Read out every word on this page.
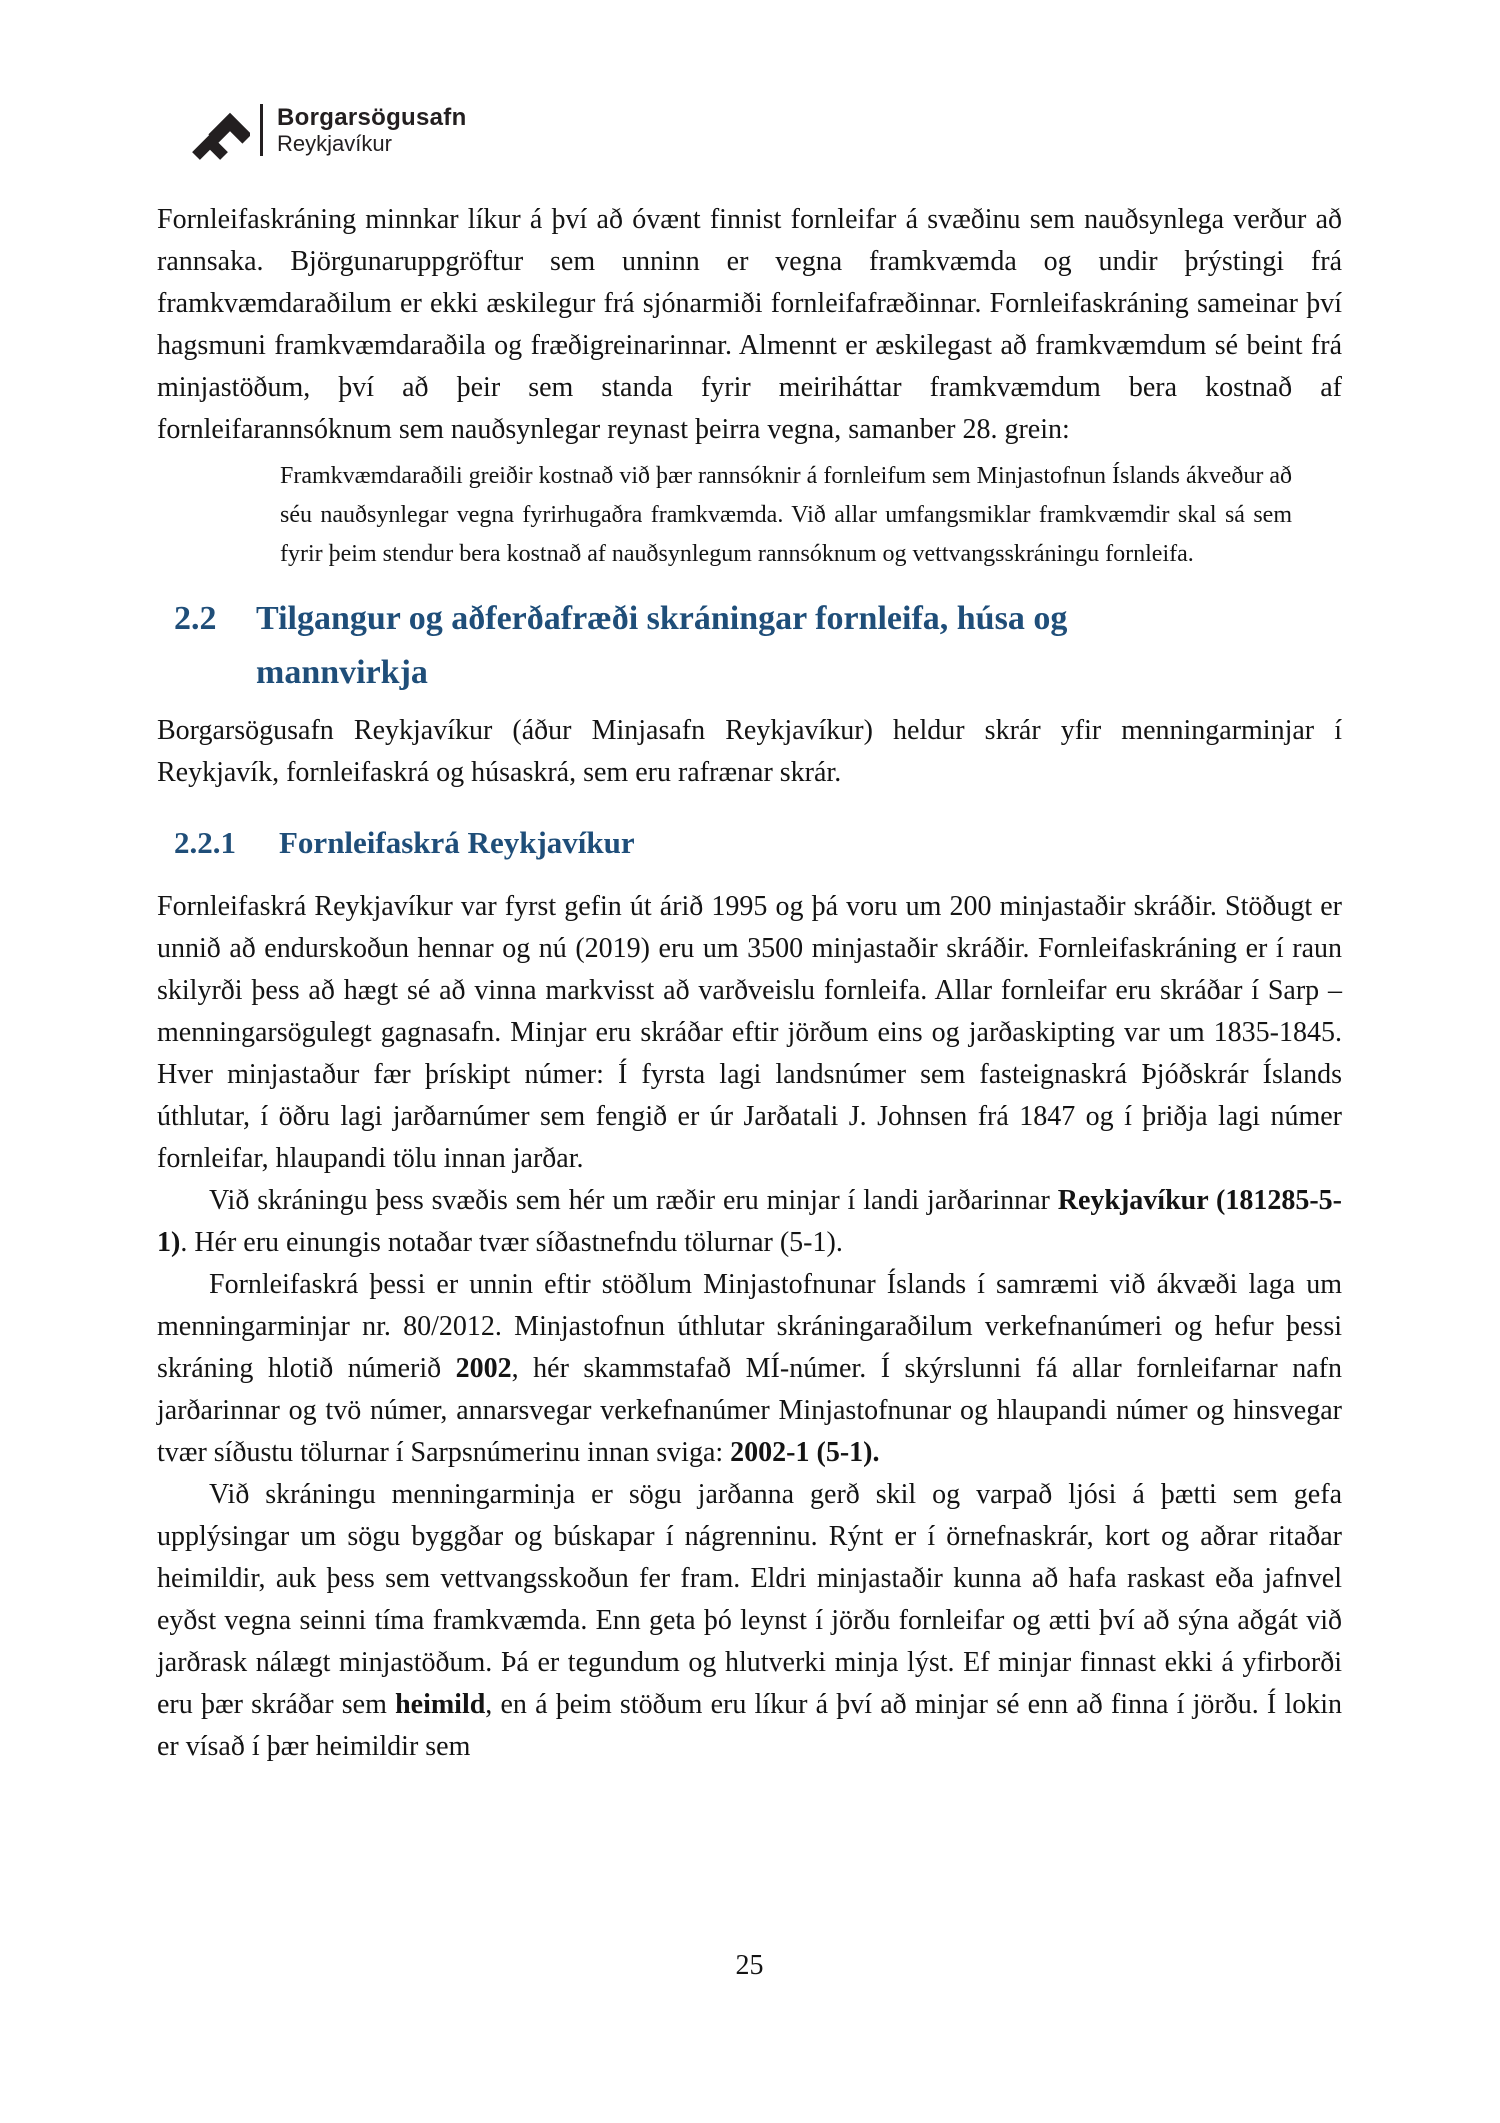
Borgarsögusafn
Reykjavíkur

Fornleifaskráning minnkar líkur á því að óvænt finnist fornleifar á svæðinu sem nauðsynlega verður að rannsaka. Björgunaruppgröftur sem unninn er vegna framkvæmda og undir þrýstingi frá framkvæmdaraðilum er ekki æskilegur frá sjónarmiði fornleifafræðinnar. Fornleifaskráning sameinar því hagsmuni framkvæmdaraðila og fræðigreinarinnar. Almennt er æskilegast að framkvæmdum sé beint frá minjastöðum, því að þeir sem standa fyrir meiriháttar framkvæmdum bera kostnað af fornleifarannsóknum sem nauðsynlegar reynast þeirra vegna, samanber 28. grein:

Framkvæmdaraðili greiðir kostnað við þær rannsóknir á fornleifum sem Minjastofnun Íslands ákveður að séu nauðsynlegar vegna fyrirhugaðra framkvæmda. Við allar umfangsmiklar framkvæmdir skal sá sem fyrir þeim stendur bera kostnað af nauðsynlegum rannsóknum og vettvangsskráningu fornleifa.

2.2	Tilgangur og aðferðafræði skráningar fornleifa, húsa og mannvirkja

Borgarsögusafn Reykjavíkur (áður Minjasafn Reykjavíkur) heldur skrár yfir menningarminjar í Reykjavík, fornleifaskrá og húsaskrá, sem eru rafrænar skrár.

2.2.1	Fornleifaskrá Reykjavíkur

Fornleifaskrá Reykjavíkur var fyrst gefin út árið 1995 og þá voru um 200 minjastaðir skráðir. Stöðugt er unnið að endurskoðun hennar og nú (2019) eru um 3500 minjastaðir skráðir. Fornleifaskráning er í raun skilyrði þess að hægt sé að vinna markvisst að varðveislu fornleifa. Allar fornleifar eru skráðar í Sarp – menningarsögulegt gagnasafn. Minjar eru skráðar eftir jörðum eins og jarðaskipting var um 1835-1845. Hver minjastaður fær þrískipt númer: Í fyrsta lagi landsnúmer sem fasteignaskrá Þjóðskrár Íslands úthlutar, í öðru lagi jarðarnúmer sem fengið er úr Jarðatali J. Johnsen frá 1847 og í þriðja lagi númer fornleifar, hlaupandi tölu innan jarðar.

Við skráningu þess svæðis sem hér um ræðir eru minjar í landi jarðarinnar Reykjavíkur (181285-5-1). Hér eru einungis notaðar tvær síðastnefndu tölurnar (5-1).

Fornleifaskrá þessi er unnin eftir stöðlum Minjastofnunar Íslands í samræmi við ákvæði laga um menningarminjar nr. 80/2012. Minjastofnun úthlutar skráningaraðilum verkefnanúmeri og hefur þessi skráning hlotið númerið 2002, hér skammstafað MÍ-númer. Í skýrslunni fá allar fornleifarnar nafn jarðarinnar og tvö númer, annarsvegar verkefnanúmer Minjastofnunar og hlaupandi númer og hinsvegar tvær síðustu tölurnar í Sarpsnúmerinu innan sviga: 2002-1 (5-1).

Við skráningu menningarminja er sögu jarðanna gerð skil og varpað ljósi á þætti sem gefa upplýsingar um sögu byggðar og búskapar í nágrenninu. Rýnt er í örnefnaskrár, kort og aðrar ritaðar heimildir, auk þess sem vettvangsskoðun fer fram. Eldri minjastaðir kunna að hafa raskast eða jafnvel eyðst vegna seinni tíma framkvæmda. Enn geta þó leynst í jörðu fornleifar og ætti því að sýna aðgát við jarðrask nálægt minjastöðum. Þá er tegundum og hlutverki minja lýst. Ef minjar finnast ekki á yfirborði eru þær skráðar sem heimild, en á þeim stöðum eru líkur á því að minjar sé enn að finna í jörðu. Í lokin er vísað í þær heimildir sem

25
